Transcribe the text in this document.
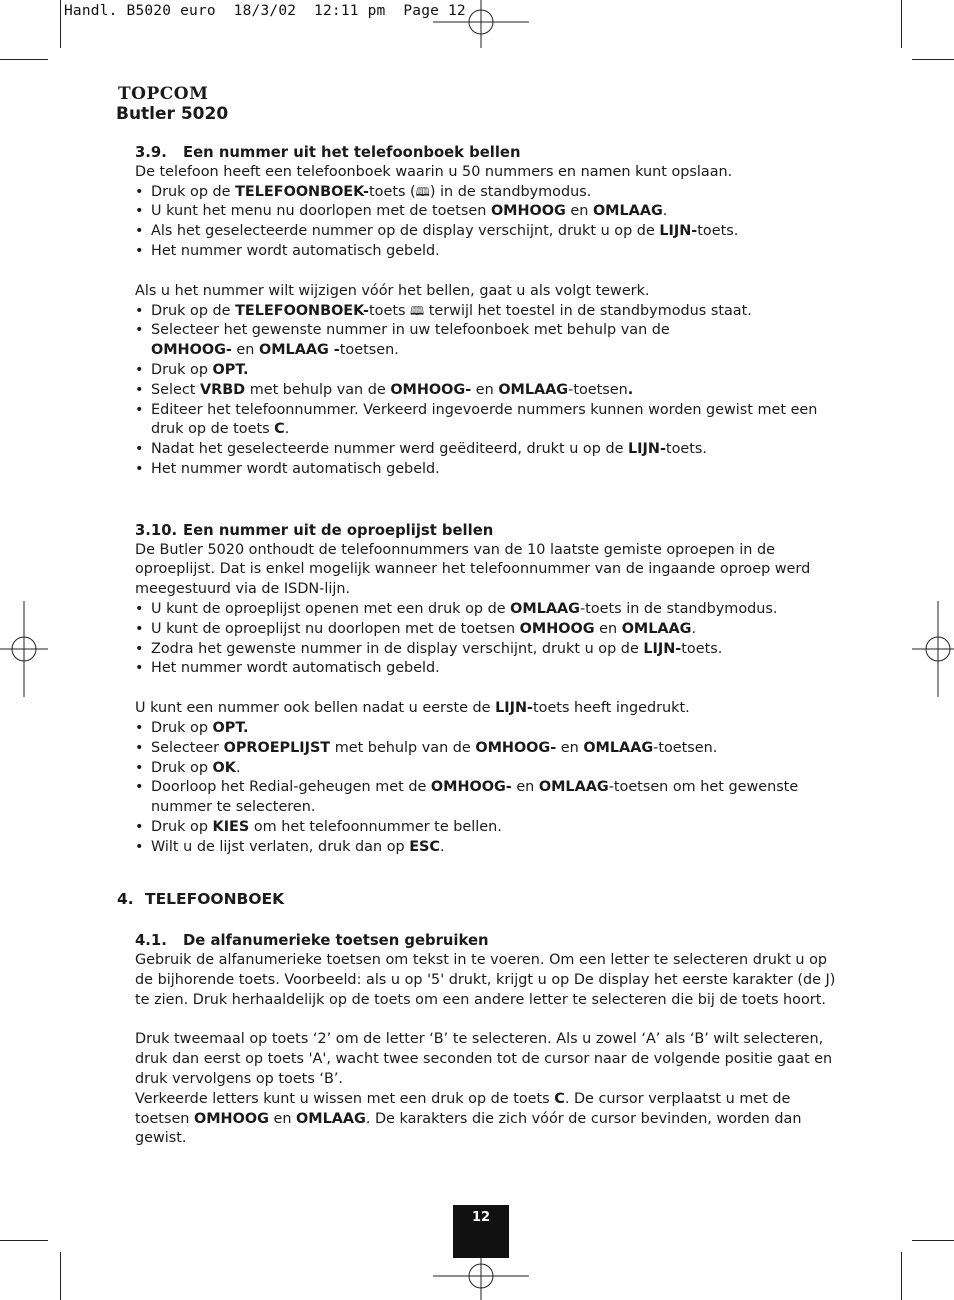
Handl. B5020 euro  18/3/02  12:11 pm  Page 12
TOPCOM
Butler 5020

3.9. Een nummer uit het telefoonboek bellen

De telefoon heeft een telefoonboek waarin u 50 nummers en namen kunt opslaan.

• Druk op de TELEFOONBOEK-toets (🕮) in de standbymodus.
• U kunt het menu nu doorlopen met de toetsen OMHOOG en OMLAAG.
• Als het geselecteerde nummer op de display verschijnt, drukt u op de LIJN-toets.
• Het nummer wordt automatisch gebeld.

Als u het nummer wilt wijzigen vóór het bellen, gaat u als volgt tewerk.

• Druk op de TELEFOONBOEK-toets 🕮 terwijl het toestel in de standbymodus staat.
• Selecteer het gewenste nummer in uw telefoonboek met behulp van de
OMHOOG- en OMLAAG -toetsen.
• Druk op OPT.
• Select VRBD met behulp van de OMHOOG- en OMLAAG-toetsen.
• Editeer het telefoonnummer. Verkeerd ingevoerde nummers kunnen worden gewist met een druk op de toets C.
• Nadat het geselecteerde nummer werd geëditeerd, drukt u op de LIJN-toets.
• Het nummer wordt automatisch gebeld.

3.10. Een nummer uit de oproeplijst bellen

De Butler 5020 onthoudt de telefoonnummers van de 10 laatste gemiste oproepen in de oproeplijst. Dat is enkel mogelijk wanneer het telefoonnummer van de ingaande oproep werd meegestuurd via de ISDN-lijn.

• U kunt de oproeplijst openen met een druk op de OMLAAG-toets in de standbymodus.
• U kunt de oproeplijst nu doorlopen met de toetsen OMHOOG en OMLAAG.
• Zodra het gewenste nummer in de display verschijnt, drukt u op de LIJN-toets.
• Het nummer wordt automatisch gebeld.

U kunt een nummer ook bellen nadat u eerste de LIJN-toets heeft ingedrukt.

• Druk op OPT.
• Selecteer OPROEPLIJST met behulp van de OMHOOG- en OMLAAG-toetsen.
• Druk op OK.
• Doorloop het Redial-geheugen met de OMHOOG- en OMLAAG-toetsen om het gewenste nummer te selecteren.
• Druk op KIES om het telefoonnummer te bellen.
• Wilt u de lijst verlaten, druk dan op ESC.

4. TELEFOONBOEK

4.1. De alfanumerieke toetsen gebruiken

Gebruik de alfanumerieke toetsen om tekst in te voeren. Om een letter te selecteren drukt u op de bijhorende toets. Voorbeeld: als u op '5' drukt, krijgt u op De display het eerste karakter (de J) te zien. Druk herhaaldelijk op de toets om een andere letter te selecteren die bij de toets hoort.

Druk tweemaal op toets ‘2’ om de letter ‘B’ te selecteren. Als u zowel ‘A’ als ‘B’ wilt selecteren, druk dan eerst op toets 'A', wacht twee seconden tot de cursor naar de volgende positie gaat en druk vervolgens op toets ‘B’.

Verkeerde letters kunt u wissen met een druk op de toets C. De cursor verplaatst u met de toetsen OMHOOG en OMLAAG. De karakters die zich vóór de cursor bevinden, worden dan gewist.

12
